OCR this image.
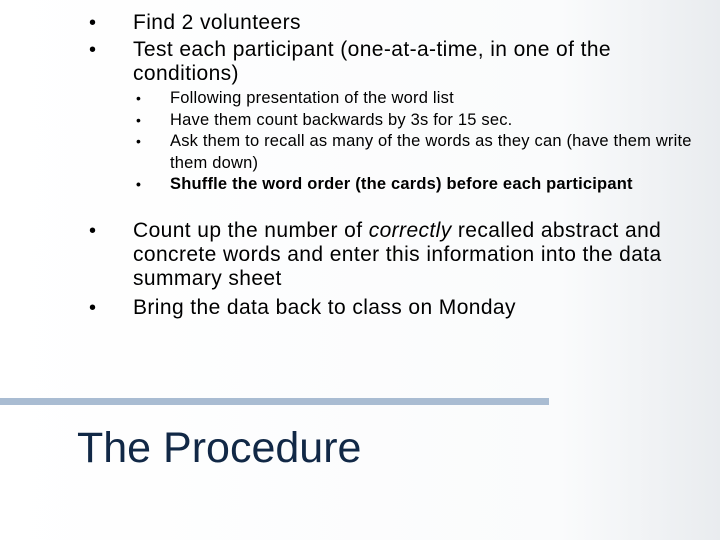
• Find 2 volunteers

• Test each participant (one-at-a-time, in one of the conditions)

• Following presentation of the word list

• Have them count backwards by 3s for 15 sec.

• Ask them to recall as many of the words as they can (have them write them down)

• Shuffle the word order (the cards) before each participant

• Count up the number of correctly recalled abstract and concrete words and enter this information into the data summary sheet

• Bring the data back to class on Monday

The Procedure
